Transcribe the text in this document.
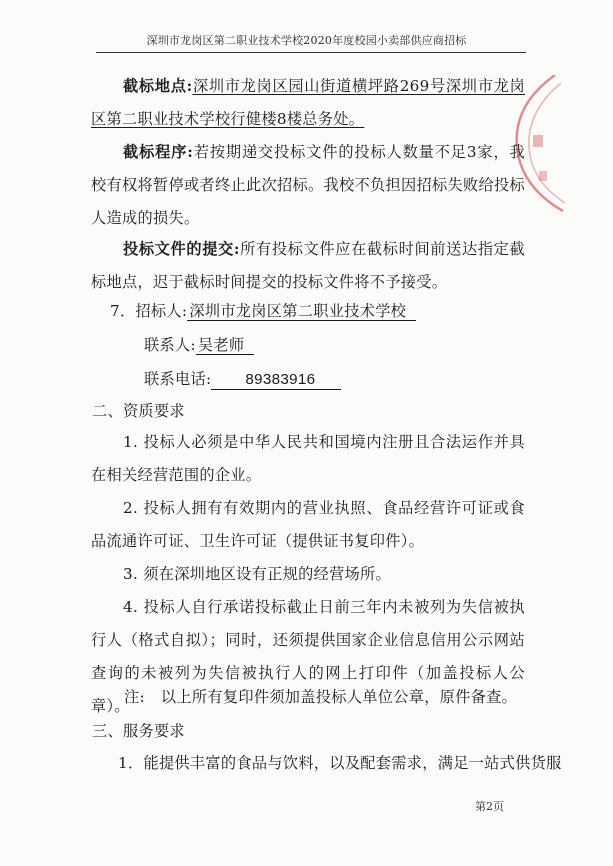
深圳市龙岗区第二职业技术学校2020年度校园小卖部供应商招标

截标地点:深圳市龙岗区园山街道横坪路269号深圳市龙岗区第二职业技术学校行健楼8楼总务处。

截标程序:若按期递交投标文件的投标人数量不足3家，我校有权将暂停或者终止此次招标。我校不负担因招标失败给投标人造成的损失。

投标文件的提交:所有投标文件应在截标时间前送达指定截标地点，迟于截标时间提交的投标文件将不予接受。

7．招标人: 深圳市龙岗区第二职业技术学校
联系人: 吴老师
联系电话: 89383916
二、资质要求

1. 投标人必须是中华人民共和国境内注册且合法运作并具在相关经营范围的企业。

2. 投标人拥有有效期内的营业执照、食品经营许可证或食品流通许可证、卫生许可证（提供证书复印件）。

3. 须在深圳地区设有正规的经营场所。

4. 投标人自行承诺投标截止日前三年内未被列为失信被执行人（格式自拟）；同时，还须提供国家企业信息信用公示网站查询的未被列为失信被执行人的网上打印件（加盖投标人公章）。

注: 以上所有复印件须加盖投标人单位公章，原件备查。
三、服务要求
1．能提供丰富的食品与饮料，以及配套需求，满足一站式供货服
第2页
